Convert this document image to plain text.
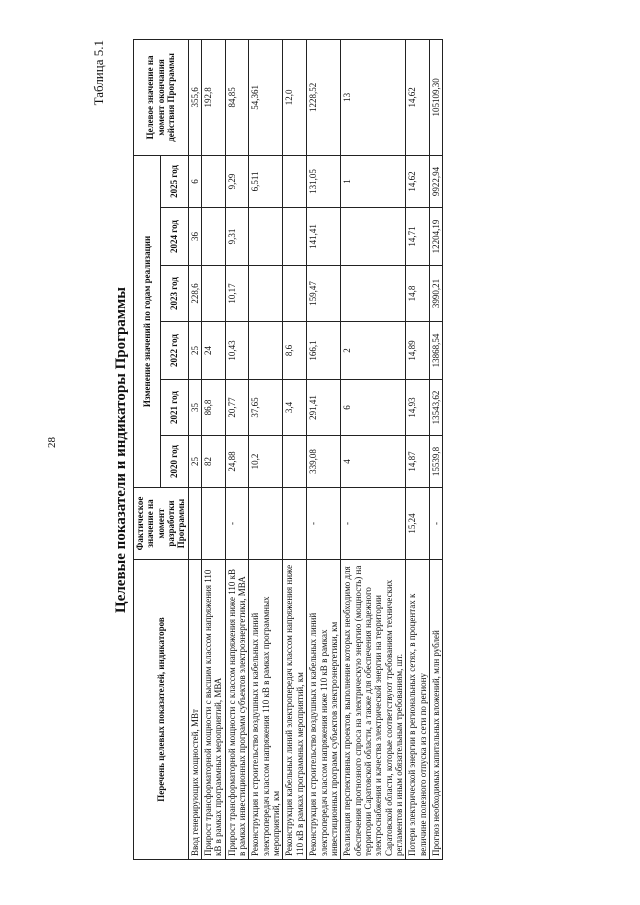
28
Таблица 5.1
Целевые показатели и индикаторы Программы
Перечень целевых показателей, индикаторов	Фактическое значение на момент разработки Программы	Изменение значений по годам реализации						Целевое значение на момент окончания действия Программы
		2020 год	2021 год	2022 год	2023 год	2024 год	2025 год	
Ввод генерирующих мощностей, МВт		25	35	25	228,6	36	6	355,6
Прирост трансформаторной мощности с высшим классом напряжения 110 кВ в рамках программных мероприятий, МВА		82	86,8	24				192,8
Прирост трансформаторной мощности с классом напряжения ниже 110 кВ в рамках инвестиционных программ субъектов электроэнергетики, МВА	-	24,88	20,77	10,43	10,17	9,31	9,29	84,85
Реконструкция и строительство воздушных и кабельных линий электропередач классом напряжения 110 кВ в рамках программных мероприятий, км		10,2	37,65				6,511	54,361
Реконструкция кабельных линий электропередач классом напряжения ниже 110 кВ в рамках программных мероприятий, км			3,4	8,6				12,0
Реконструкция и строительство воздушных и кабельных линий электропередач классом напряжения ниже 110 кВ в рамках инвестиционных программ субъектов электроэнергетики, км	-	339,08	291,41	166,1	159,47	141,41	131,05	1228,52
Реализация перспективных проектов, выполнение которых необходимо для обеспечения прогнозного спроса на электрическую энергию (мощность) на территории Саратовской области, а также для обеспечения надежного электроснабжения и качества электрической энергии на территории Саратовской области, которые соответствуют требованиям технических регламентов и иным обязательным требованиям, шт.	-	4	6	2			1	13
Потери электрической энергии в региональных сетях, в процентах к величине полезного отпуска из сети по региону	15,24	14,87	14,93	14,89	14,8	14,71	14,62	14,62
Прогноз необходимых капитальных вложений, млн рублей	-	15539,8	13543,62	13868,54	3990,21	12204,19	9922,94	105109,30
